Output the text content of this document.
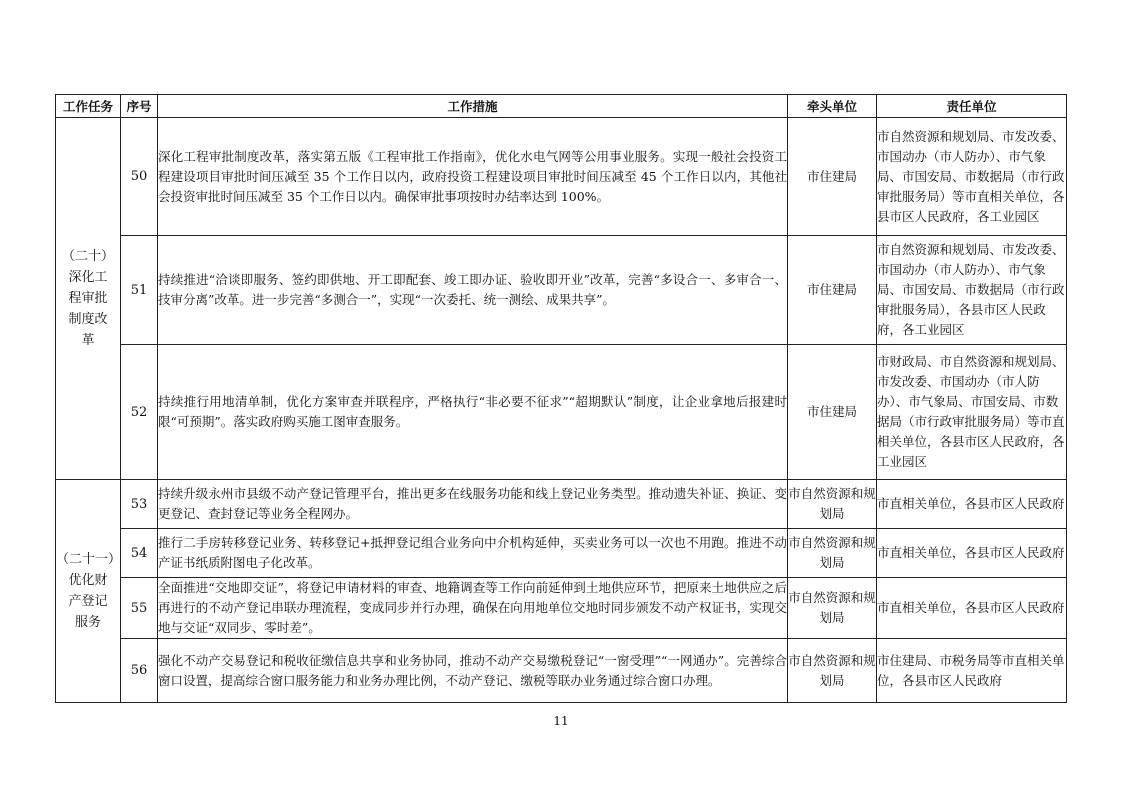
工作任务	序号	工作措施	牵头单位	责任单位

（二十）
深化工
程审批
制度改
革	50	深化工程审批制度改革，落实第五版《工程审批工作指南》，优化水电气网等公用事业服务。实现一般社会投资工程建设项目审批时间压减至 35 个工作日以内，政府投资工程建设项目审批时间压减至 45 个工作日以内，其他社会投资审批时间压减至 35 个工作日以内。确保审批事项按时办结率达到 100%。	市住建局	市自然资源和规划局、市发改委、市国动办（市人防办）、市气象局、市国安局、市数据局（市行政审批服务局）等市直相关单位，各县市区人民政府，各工业园区
	51	持续推进“洽谈即服务、签约即供地、开工即配套、竣工即办证、验收即开业”改革，完善“多设合一、多审合一、技审分离”改革。进一步完善“多测合一”，实现“一次委托、统一测绘、成果共享”。	市住建局	市自然资源和规划局、市发改委、市国动办（市人防办）、市气象局、市国安局、市数据局（市行政审批服务局），各县市区人民政府，各工业园区
	52	持续推行用地清单制，优化方案审查并联程序，严格执行“非必要不征求”“超期默认”制度，让企业拿地后报建时限“可预期”。落实政府购买施工图审查服务。	市住建局	市财政局、市自然资源和规划局、市发改委、市国动办（市人防办）、市气象局、市国安局、市数据局（市行政审批服务局）等市直相关单位，各县市区人民政府，各工业园区

（二十一）
优化财
产登记
服务	53	持续升级永州市县级不动产登记管理平台，推出更多在线服务功能和线上登记业务类型。推动遗失补证、换证、变更登记、查封登记等业务全程网办。	市自然资源和规划局	市直相关单位，各县市区人民政府
	54	推行二手房转移登记业务、转移登记+抵押登记组合业务向中介机构延伸，买卖业务可以一次也不用跑。推进不动产证书纸质附图电子化改革。	市自然资源和规划局	市直相关单位，各县市区人民政府
	55	全面推进“交地即交证”，将登记申请材料的审查、地籍调查等工作向前延伸到土地供应环节，把原来土地供应之后再进行的不动产登记串联办理流程，变成同步并行办理，确保在向用地单位交地时同步颁发不动产权证书，实现交地与交证“双同步、零时差”。	市自然资源和规划局	市直相关单位，各县市区人民政府
	56	强化不动产交易登记和税收征缴信息共享和业务协同，推动不动产交易缴税登记“一窗受理”“一网通办”。完善综合窗口设置，提高综合窗口服务能力和业务办理比例，不动产登记、缴税等联办业务通过综合窗口办理。	市自然资源和规划局	市住建局、市税务局等市直相关单位，各县市区人民政府
11
